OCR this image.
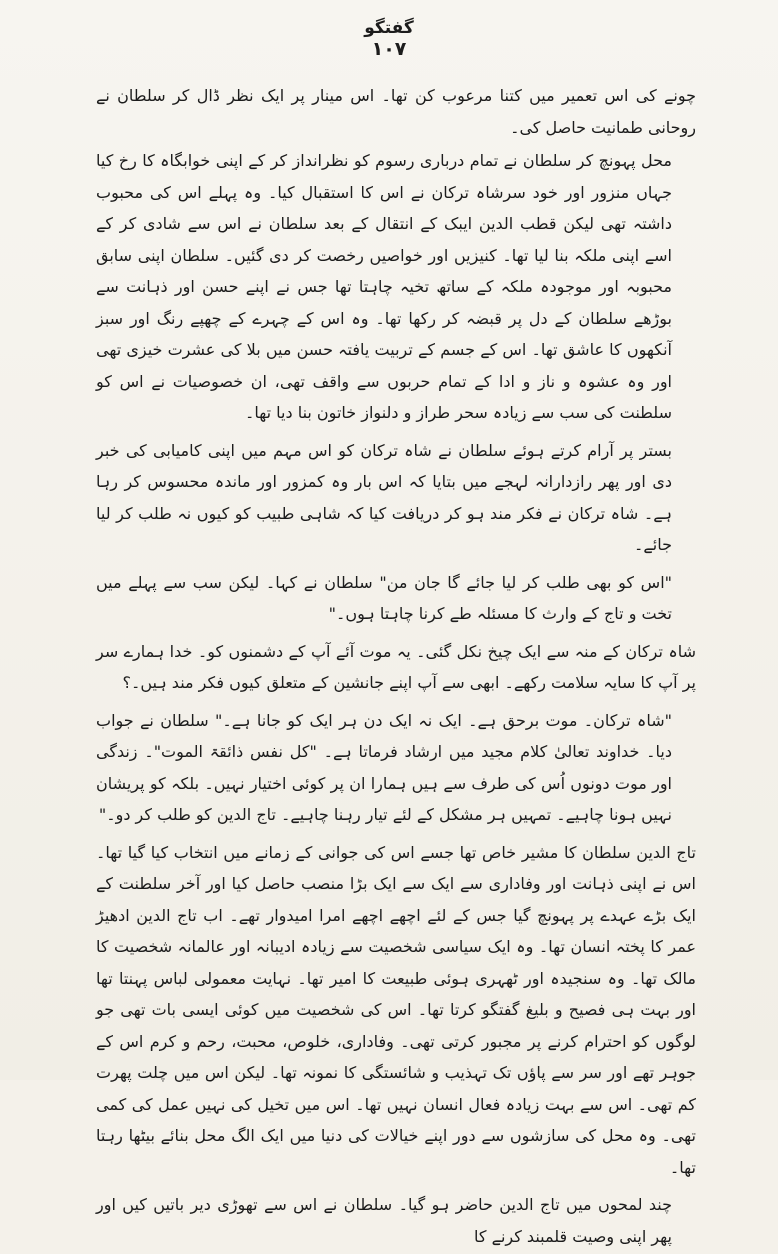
گفتگو
۱۰۷

چونے کی اس تعمیر میں کتنا مرعوب کن تھا۔ اس مینار پر ایک نظر ڈال کر سلطان نے روحانی طمانیت حاصل کی۔

محل پہونچ کر سلطان نے تمام درباری رسوم کو نظرانداز کر کے اپنی خوابگاہ کا رخ کیا جہاں منزور اور خود سرشاہ ترکان نے اس کا استقبال کیا۔ وہ پہلے اس کی محبوب داشتہ تھی لیکن قطب الدین ایبک کے انتقال کے بعد سلطان نے اس سے شادی کر کے اسے اپنی ملکہ بنا لیا تھا۔ کنیزیں اور خواصیں رخصت کر دی گئیں۔ سلطان اپنی سابق محبوبہ اور موجودہ ملکہ کے ساتھ تخیہ چاہتا تھا جس نے اپنے حسن اور ذہانت سے بوڑھے سلطان کے دل پر قبضہ کر رکھا تھا۔ وہ اس کے چہرے کے چھپے رنگ اور سبز آنکھوں کا عاشق تھا۔ اس کے جسم کے تربیت یافتہ حسن میں بلا کی عشرت خیزی تھی اور وہ عشوہ و ناز و ادا کے تمام حربوں سے واقف تھی، ان خصوصیات نے اس کو سلطنت کی سب سے زیادہ سحر طراز و دلنواز خاتون بنا دیا تھا۔

بستر پر آرام کرتے ہوئے سلطان نے شاہ ترکان کو اس مہم میں اپنی کامیابی کی خبر دی اور پھر رازدارانہ لہجے میں بتایا کہ اس بار وہ کمزور اور ماندہ محسوس کر رہا ہے۔ شاہ ترکان نے فکر مند ہو کر دریافت کیا کہ شاہی طبیب کو کیوں نہ طلب کر لیا جائے۔

"اس کو بھی طلب کر لیا جائے گا جان من" سلطان نے کہا۔ لیکن سب سے پہلے میں تخت و تاج کے وارث کا مسئلہ طے کرنا چاہتا ہوں۔"

شاہ ترکان کے منہ سے ایک چیخ نکل گئی۔ یہ موت آئے آپ کے دشمنوں کو۔ خدا ہمارے سر پر آپ کا سایہ سلامت رکھے۔ ابھی سے آپ اپنے جانشین کے متعلق کیوں فکر مند ہیں۔؟

"شاہ ترکان۔ موت برحق ہے۔ ایک نہ ایک دن ہر ایک کو جانا ہے۔" سلطان نے جواب دیا۔ خداوند تعالیٰ کلام مجید میں ارشاد فرماتا ہے۔ "کل نفس ذائقۃ الموت"۔ زندگی اور موت دونوں اُس کی طرف سے ہیں ہمارا ان پر کوئی اختیار نہیں۔ بلکہ کو پریشان نہیں ہونا چاہیے۔ تمہیں ہر مشکل کے لئے تیار رہنا چاہیے۔ تاج الدین کو طلب کر دو۔"

تاج الدین سلطان کا مشیر خاص تھا جسے اس کی جوانی کے زمانے میں انتخاب کیا گیا تھا۔ اس نے اپنی ذہانت اور وفاداری سے ایک سے ایک بڑا منصب حاصل کیا اور آخر سلطنت کے ایک بڑے عہدے پر پہونچ گیا جس کے لئے اچھے اچھے امرا امیدوار تھے۔ اب تاج الدین ادھیڑ عمر کا پختہ انسان تھا۔ وہ ایک سیاسی شخصیت سے زیادہ ادیبانہ اور عالمانہ شخصیت کا مالک تھا۔ وہ سنجیدہ اور ٹھہری ہوئی طبیعت کا امیر تھا۔ نہایت معمولی لباس پہنتا تھا اور بہت ہی فصیح و بلیغ گفتگو کرتا تھا۔ اس کی شخصیت میں کوئی ایسی بات تھی جو لوگوں کو احترام کرنے پر مجبور کرتی تھی۔ وفاداری، خلوص، محبت، رحم و کرم اس کے جوہر تھے اور سر سے پاؤں تک تہذیب و شائستگی کا نمونہ تھا۔ لیکن اس میں چلت پھرت کم تھی۔ اس سے بہت زیادہ فعال انسان نہیں تھا۔ اس میں تخیل کی نہیں عمل کی کمی تھی۔ وہ محل کی سازشوں سے دور اپنے خیالات کی دنیا میں ایک الگ محل بنائے بیٹھا رہتا تھا۔

چند لمحوں میں تاج الدین حاضر ہو گیا۔ سلطان نے اس سے تھوڑی دیر باتیں کیں اور پھر اپنی وصیت قلمبند کرنے کا
